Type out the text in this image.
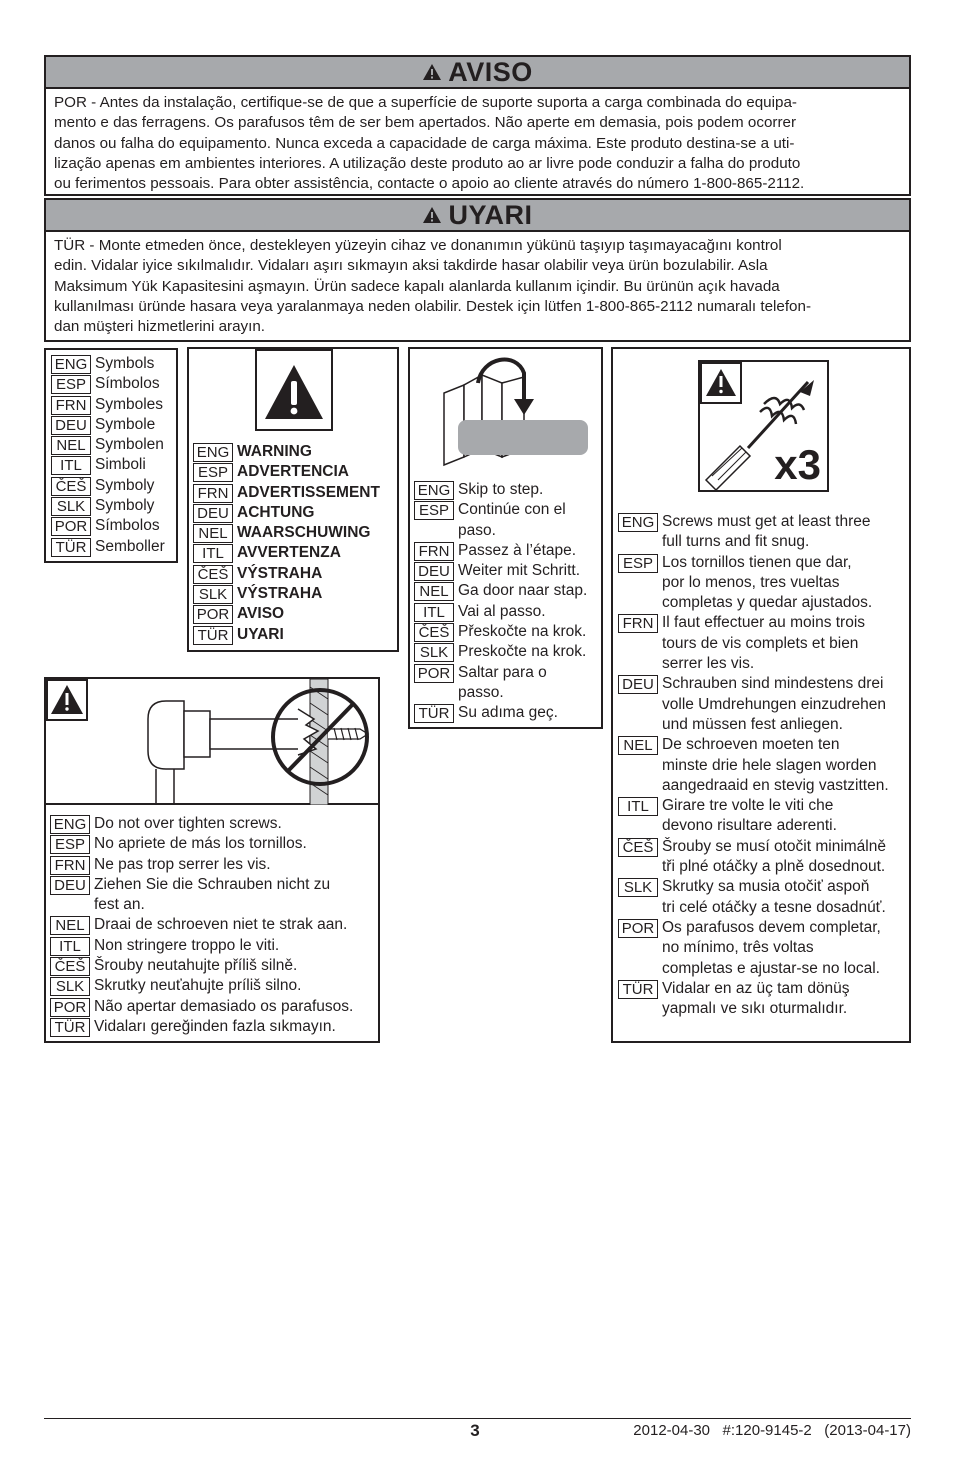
AVISO

POR - Antes da instalação, certifique-se de que a superfície de suporte suporta a carga combinada do equipa-
mento e das ferragens. Os parafusos têm de ser bem apertados. Não aperte em demasia, pois podem ocorrer
danos ou falha do equipamento. Nunca exceda a capacidade de carga máxima. Este produto destina-se a uti-
lização apenas em ambientes interiores. A utilização deste produto ao ar livre pode conduzir a falha do produto
ou ferimentos pessoais. Para obter assistência, contacte o apoio ao cliente através do número 1-800-865-2112.

UYARI

TÜR - Monte etmeden önce, destekleyen yüzeyin cihaz ve donanımın yükünü taşıyıp taşımayacağını kontrol
edin. Vidalar iyice sıkılmalıdır. Vidaları aşırı sıkmayın aksi takdirde hasar olabilir veya ürün bozulabilir. Asla
Maksimum Yük Kapasitesini aşmayın. Ürün sadece kapalı alanlarda kullanım içindir. Bu ürünün açık havada
kullanılması üründe hasara veya yaralanmaya neden olabilir. Destek için lütfen 1-800-865-2112 numaralı telefon-
dan müşteri hizmetlerini arayın.

ENG Symbols
ESP Símbolos
FRN Symboles
DEU Symbole
NEL Symbolen
ITL Simboli
ČEŠ Symboly
SLK Symboly
POR Símbolos
TÜR Semboller
ENG WARNING
ESP ADVERTENCIA
FRN ADVERTISSEMENT
DEU ACHTUNG
NEL WAARSCHUWING
ITL AVVERTENZA
ČEŠ VÝSTRAHA
SLK VÝSTRAHA
POR AVISO
TÜR UYARI
ENG Skip to step.
ESP Continúe con el
paso.
FRN Passez à l’étape.
DEU Weiter mit Schritt.
NEL Ga door naar stap.
ITL Vai al passo.
ČEŠ Přeskočte na krok.
SLK Preskočte na krok.
POR Saltar para o
passo.
TÜR Su adıma geç.
ENG Do not over tighten screws.
ESP No apriete de más los tornillos.
FRN Ne pas trop serrer les vis.
DEU Ziehen Sie die Schrauben nicht zu
fest an.
NEL Draai de schroeven niet te strak aan.
ITL Non stringere troppo le viti.
ČEŠ Šrouby neutahujte příliš silně.
SLK Skrutky neuťahujte príliš silno.
POR Não apertar demasiado os parafusos.
TÜR Vidaları gereğinden fazla sıkmayın.
x3
ENG Screws must get at least three
full turns and fit snug.
ESP Los tornillos tienen que dar,
por lo menos, tres vueltas
completas y quedar ajustados.
FRN Il faut effectuer au moins trois
tours de vis complets et bien
serrer les vis.
DEU Schrauben sind mindestens drei
volle Umdrehungen einzudrehen
und müssen fest anliegen.
NEL De schroeven moeten ten
minste drie hele slagen worden
aangedraaid en stevig vastzitten.
ITL Girare tre volte le viti che
devono risultare aderenti.
ČEŠ Šrouby se musí otočit minimálně
tři plné otáčky a plně dosednout.
SLK Skrutky sa musia otočiť aspoň
tri celé otáčky a tesne dosadnúť.
POR Os parafusos devem completar,
no mínimo, três voltas
completas e ajustar-se no local.
TÜR Vidalar en az üç tam dönüş
yapmalı ve sıkı oturmalıdır.
3	2012-04-30   #:120-9145-2   (2013-04-17)
